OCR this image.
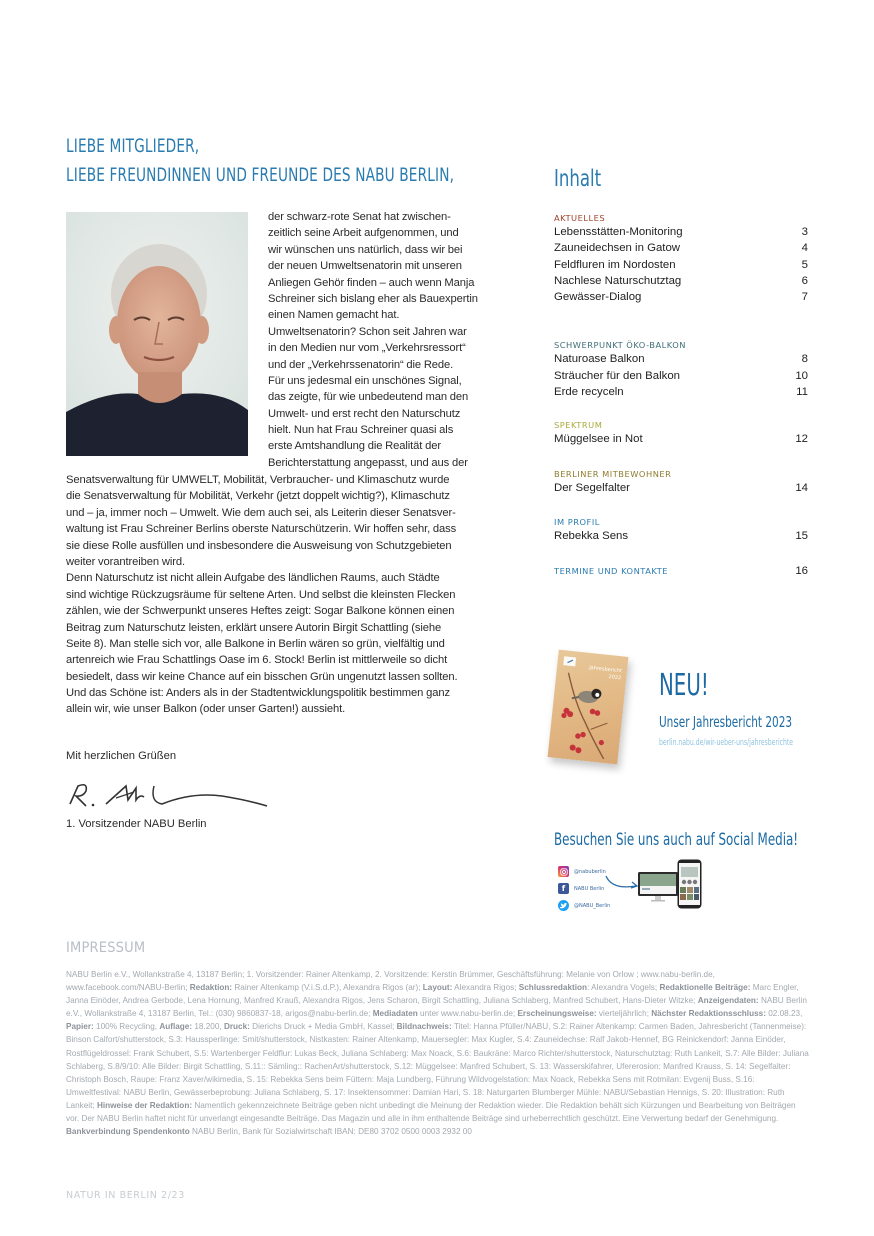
LIEBE MITGLIEDER,
LIEBE FREUNDINNEN UND FREUNDE DES NABU BERLIN,

der schwarz-rote Senat hat zwischen-

zeitlich seine Arbeit aufgenommen, und

wir wünschen uns natürlich, dass wir bei

der neuen Umweltsenatorin mit unseren

Anliegen Gehör finden – auch wenn Manja

Schreiner sich bislang eher als Bauexpertin

einen Namen gemacht hat.

Umweltsenatorin? Schon seit Jahren war

in den Medien nur vom „Verkehrsressort“

und der „Verkehrssenatorin“ die Rede.

Für uns jedesmal ein unschönes Signal,

das zeigte, für wie unbedeutend man den

Umwelt- und erst recht den Naturschutz

hielt. Nun hat Frau Schreiner quasi als

erste Amtshandlung die Realität der

Berichterstattung angepasst, und aus der

Senatsverwaltung für UMWELT, Mobilität, Verbraucher- und Klimaschutz wurde

die Senatsverwaltung für Mobilität, Verkehr (jetzt doppelt wichtig?), Klimaschutz

und – ja, immer noch – Umwelt. Wie dem auch sei, als Leiterin dieser Senatsver-

waltung ist Frau Schreiner Berlins oberste Naturschützerin. Wir hoffen sehr, dass

sie diese Rolle ausfüllen und insbesondere die Ausweisung von Schutzgebieten

weiter vorantreiben wird.

Denn Naturschutz ist nicht allein Aufgabe des ländlichen Raums, auch Städte

sind wichtige Rückzugsräume für seltene Arten. Und selbst die kleinsten Flecken

zählen, wie der Schwerpunkt unseres Heftes zeigt: Sogar Balkone können einen

Beitrag zum Naturschutz leisten, erklärt unsere Autorin Birgit Schattling (siehe

Seite 8). Man stelle sich vor, alle Balkone in Berlin wären so grün, vielfältig und

artenreich wie Frau Schattlings Oase im 6. Stock! Berlin ist mittlerweile so dicht

besiedelt, dass wir keine Chance auf ein bisschen Grün ungenutzt lassen sollten.

Und das Schöne ist: Anders als in der Stadtentwicklungspolitik bestimmen ganz

allein wir, wie unser Balkon (oder unser Garten!) aussieht.

Mit herzlichen Grüßen
1. Vorsitzender NABU Berlin
Inhalt
AKTUELLES
Lebensstätten-Monitoring	3
Zauneidechsen in Gatow	4
Feldfluren im Nordosten	5
Nachlese Naturschutztag	6
Gewässer-Dialog	7
SCHWERPUNKT ÖKO-BALKON
Naturoase Balkon	8
Sträucher für den Balkon	10
Erde recyceln	11
SPEKTRUM
Müggelsee in Not	12
BERLINER MITBEWOHNER
Der Segelfalter	14
IM PROFIL
Rebekka Sens	15
TERMINE UND KONTAKTE	16
Jahresbericht
2022 NEU!
Unser Jahresbericht 2023
berlin.nabu.de/wir-ueber-uns/jahresberichte
Besuchen Sie uns auch auf Social Media!
@nabuberlin
f	NABU Berlin
@NABU_Berlin
IMPRESSUM
NABU Berlin e.V., Wollankstraße 4, 13187 Berlin; 1. Vorsitzender: Rainer Altenkamp, 2. Vorsitzende: Kerstin Brümmer, Geschäftsführung: Melanie von Orlow ; www.nabu-berlin.de, www.facebook.com/NABU-Berlin; Redaktion: Rainer Altenkamp (V.i.S.d.P.), Alexandra Rigos (ar); Layout: Alexandra Rigos; Schlussredaktion: Alexandra Vogels; Redaktionelle Beiträge: Marc Engler, Janna Einöder, Andrea Gerbode, Lena Hornung, Manfred Krauß, Alexandra Rigos, Jens Scharon, Birgit Schattling, Juliana Schlaberg, Manfred Schubert, Hans-Dieter Witzke; Anzeigendaten: NABU Berlin e.V., Wollankstraße 4, 13187 Berlin, Tel.: (030) 9860837-18, arigos@nabu-berlin.de; Mediadaten unter www.nabu-berlin.de; Erscheinungsweise: vierteljährlich; Nächster Redaktionsschluss: 02.08.23, Papier: 100% Recycling, Auflage: 18.200, Druck: Dierichs Druck + Media GmbH, Kassel; Bildnachweis: Titel: Hanna Pfüller/NABU, S.2: Rainer Altenkamp: Carmen Baden, Jahresbericht (Tannenmeise): Binson Calfort/shutterstock, S.3: Haussperlinge: Smit/shutterstock, Nistkasten: Rainer Altenkamp, Mauersegler: Max Kugler, S.4: Zauneidechse: Ralf Jakob-Hennef, BG Reinickendorf: Janna Einöder, Rostflügeldrossel: Frank Schubert, S.5: Wartenberger Feldflur: Lukas Beck, Juliana Schlaberg: Max Noack, S.6: Baukräne: Marco Richter/shutterstock, Naturschutztag: Ruth Lankeit, S.7: Alle Bilder: Juliana Schlaberg, S.8/9/10: Alle Bilder: Birgit Schattling, S.11:: Sämling:: RachenArt/shutterstock, S.12: Müggelsee: Manfred Schubert, S. 13: Wasserskifahrer, Ufererosion: Manfred Krauss, S. 14: Segelfalter: Christoph Bosch, Raupe: Franz Xaver/wikimedia, S. 15: Rebekka Sens beim Füttern: Maja Lundberg, Führung Wildvogelstation: Max Noack, Rebekka Sens mit Rotmilan: Evgenij Buss, S.16: Umweltfestival: NABU Berlin, Gewässerbeprobung: Juliana Schlaberg, S. 17: Insektensommer: Damian Hari, S. 18: Naturgarten Blumberger Mühle: NABU/Sebastian Hennigs, S. 20: Illustration: Ruth Lankeit; Hinweise der Redaktion: Namentlich gekennzeichnete Beiträge geben nicht unbedingt die Meinung der Redaktion wieder. Die Redaktion behält sich Kürzungen und Bearbeitung von Beiträgen vor. Der NABU Berlin haftet nicht für unverlangt eingesandte Beiträge. Das Magazin und alle in ihm enthaltende Beiträge sind urheberrechtlich geschützt. Eine Verwertung bedarf der Genehmigung.
Bankverbindung Spendenkonto NABU Berlin, Bank für Sozialwirtschaft IBAN: DE80 3702 0500 0003 2932 00
NATUR IN BERLIN 2/23
